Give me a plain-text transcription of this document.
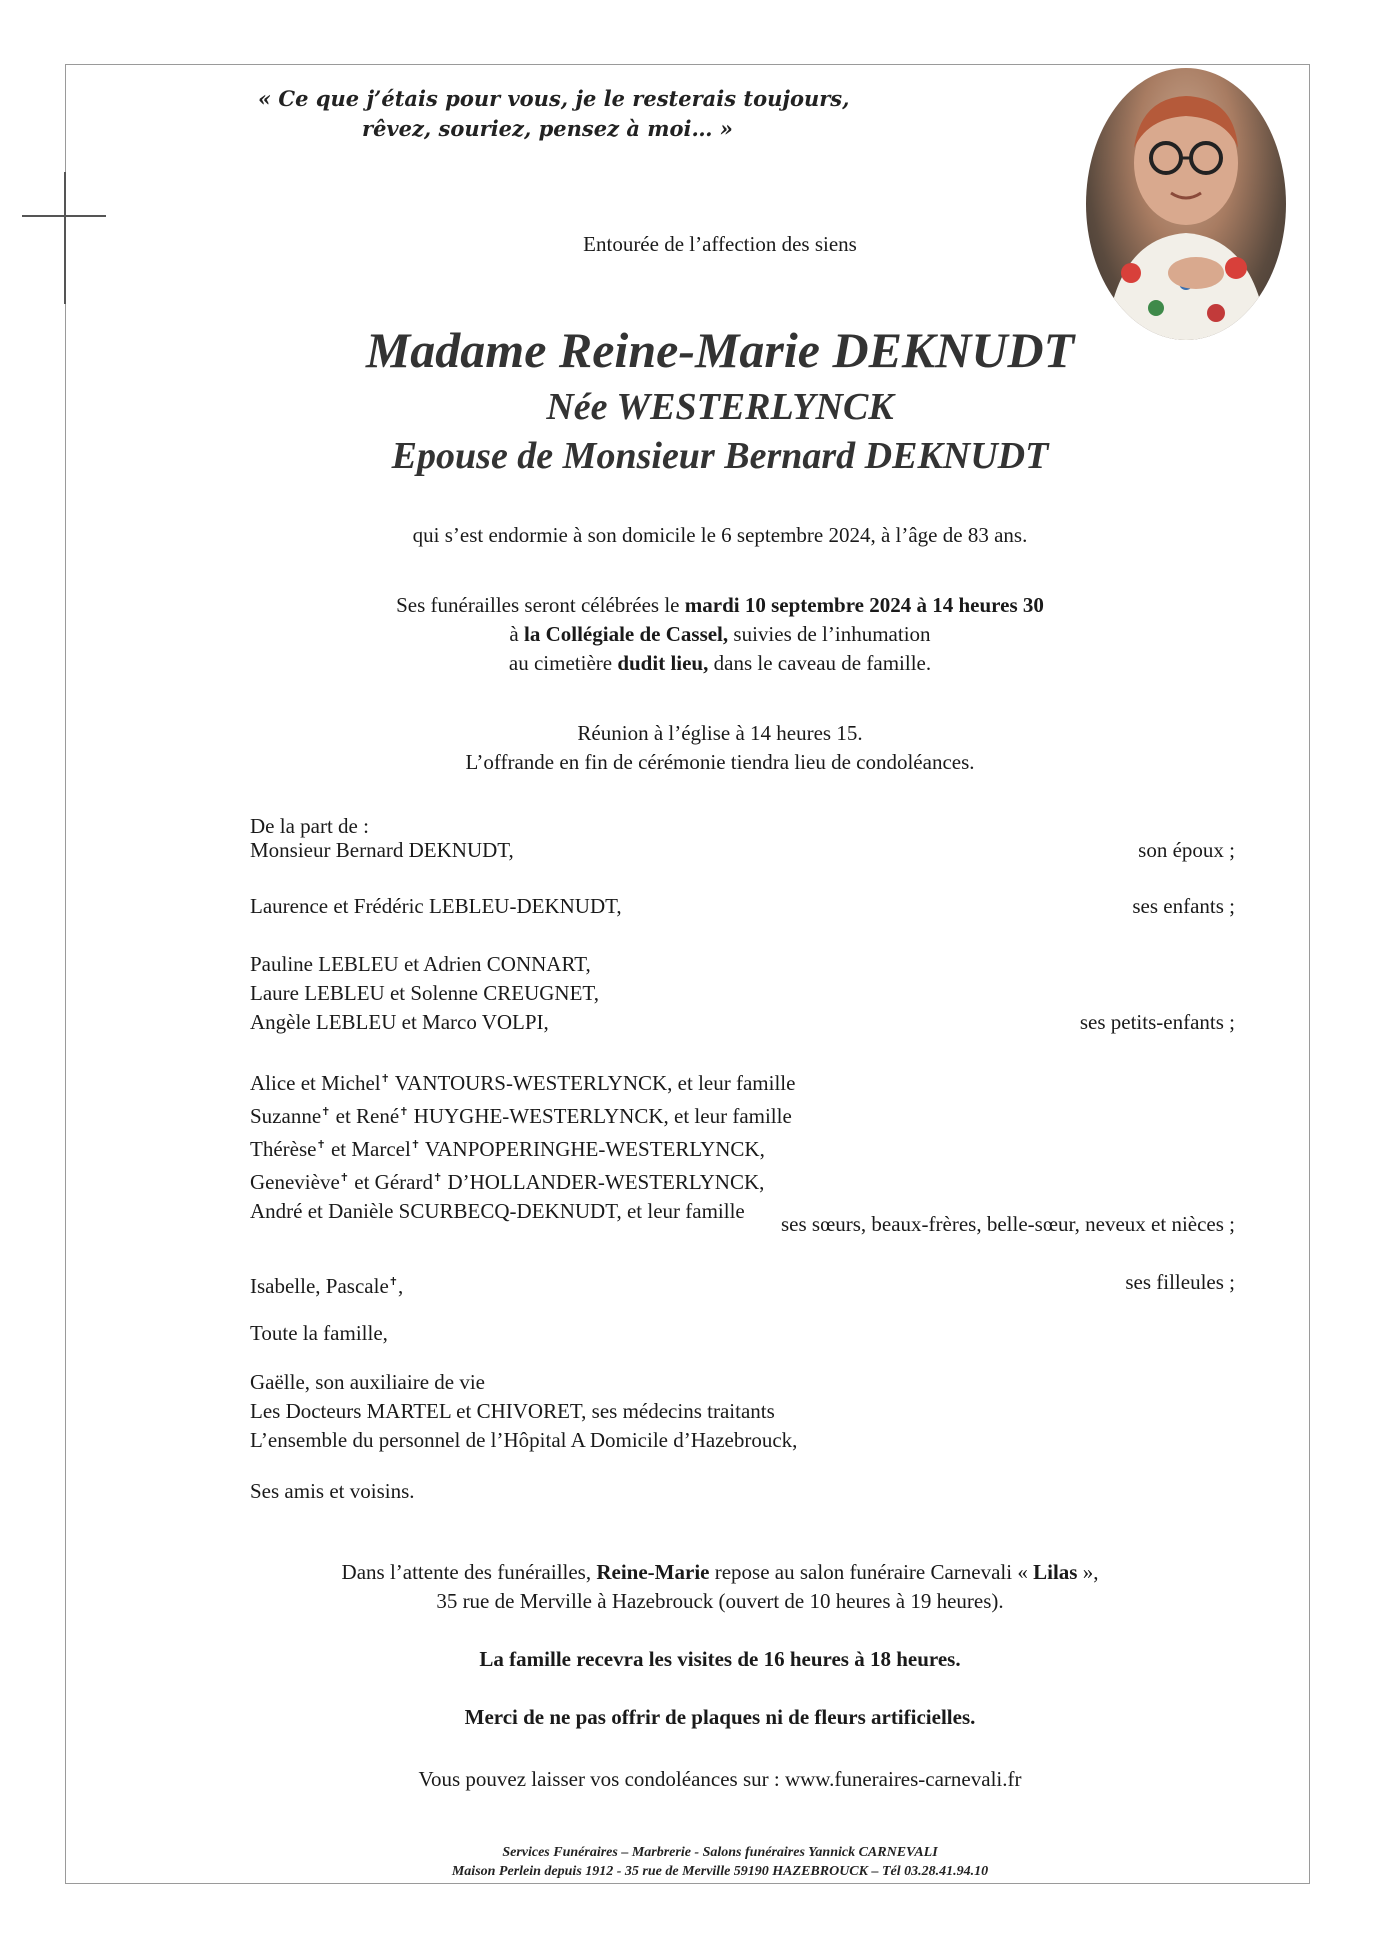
« Ce que j’étais pour vous, je le resterais toujours,
rêvez, souriez, pensez à moi… »
Entourée de l’affection des siens
Madame Reine-Marie DEKNUDT
Née WESTERLYNCK
Epouse de Monsieur Bernard DEKNUDT
qui s’est endormie à son domicile le 6 septembre 2024, à l’âge de 83 ans.
Ses funérailles seront célébrées le mardi 10 septembre 2024 à 14 heures 30
à la Collégiale de Cassel, suivies de l’inhumation
au cimetière dudit lieu, dans le caveau de famille.
Réunion à l’église à 14 heures 15.
L’offrande en fin de cérémonie tiendra lieu de condoléances.
De la part de :
Monsieur Bernard DEKNUDT,	son époux ;
Laurence et Frédéric LEBLEU-DEKNUDT,	ses enfants ;
Pauline LEBLEU et Adrien CONNART,
Laure LEBLEU et Solenne CREUGNET,
Angèle LEBLEU et Marco VOLPI,	ses petits-enfants ;
Alice et Michel✝ VANTOURS-WESTERLYNCK, et leur famille
Suzanne✝ et René✝ HUYGHE-WESTERLYNCK, et leur famille
Thérèse✝ et Marcel✝ VANPOPERINGHE-WESTERLYNCK,
Geneviève✝ et Gérard✝ D’HOLLANDER-WESTERLYNCK,
André et Danièle SCURBECQ-DEKNUDT, et leur famille
ses sœurs, beaux-frères, belle-sœur, neveux et nièces ;
Isabelle, Pascale✝,	ses filleules ;
Toute la famille,
Gaëlle, son auxiliaire de vie
Les Docteurs MARTEL et CHIVORET, ses médecins traitants
L’ensemble du personnel de l’Hôpital A Domicile d’Hazebrouck,
Ses amis et voisins.
Dans l’attente des funérailles, Reine-Marie repose au salon funéraire Carnevali « Lilas »,
35 rue de Merville à Hazebrouck (ouvert de 10 heures à 19 heures).
La famille recevra les visites de 16 heures à 18 heures.
Merci de ne pas offrir de plaques ni de fleurs artificielles.
Vous pouvez laisser vos condoléances sur : www.funeraires-carnevali.fr
Services Funéraires – Marbrerie - Salons funéraires Yannick CARNEVALI
Maison Perlein depuis 1912 - 35 rue de Merville 59190 HAZEBROUCK – Tél 03.28.41.94.10
